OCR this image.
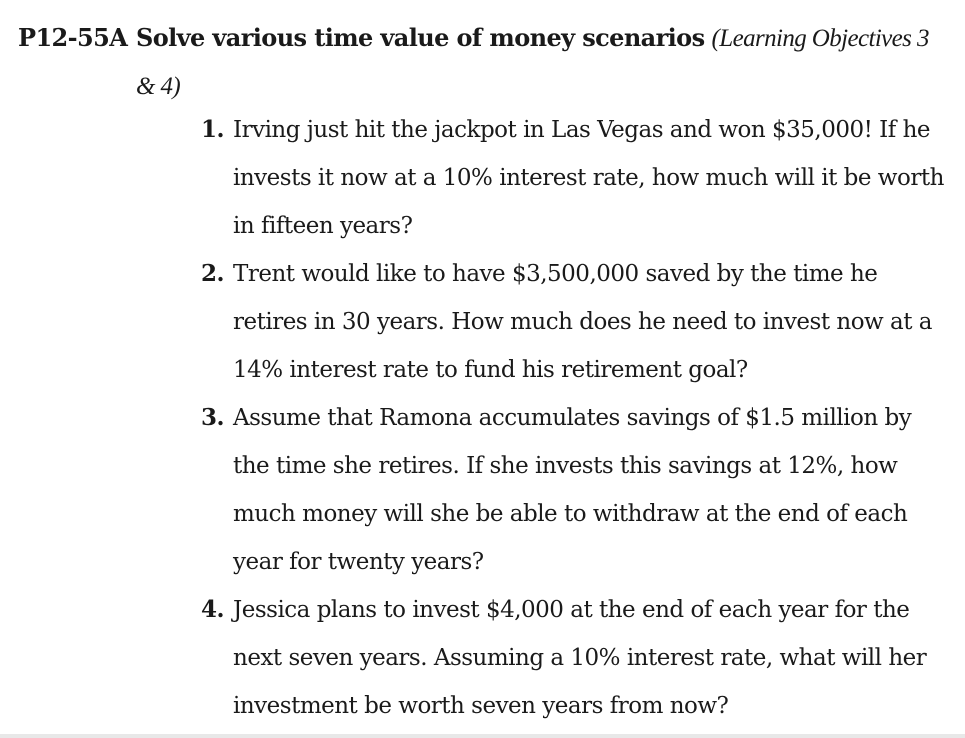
P12-55A Solve various time value of money scenarios (Learning Objectives 3
& 4)
1. Irving just hit the jackpot in Las Vegas and won $35,000! If he invests it now at a 10% interest rate, how much will it be worth in fifteen years?
2. Trent would like to have $3,500,000 saved by the time he retires in 30 years. How much does he need to invest now at a 14% interest rate to fund his retirement goal?
3. Assume that Ramona accumulates savings of $1.5 million by the time she retires. If she invests this savings at 12%, how much money will she be able to withdraw at the end of each year for twenty years?
4. Jessica plans to invest $4,000 at the end of each year for the next seven years. Assuming a 10% interest rate, what will her investment be worth seven years from now?
